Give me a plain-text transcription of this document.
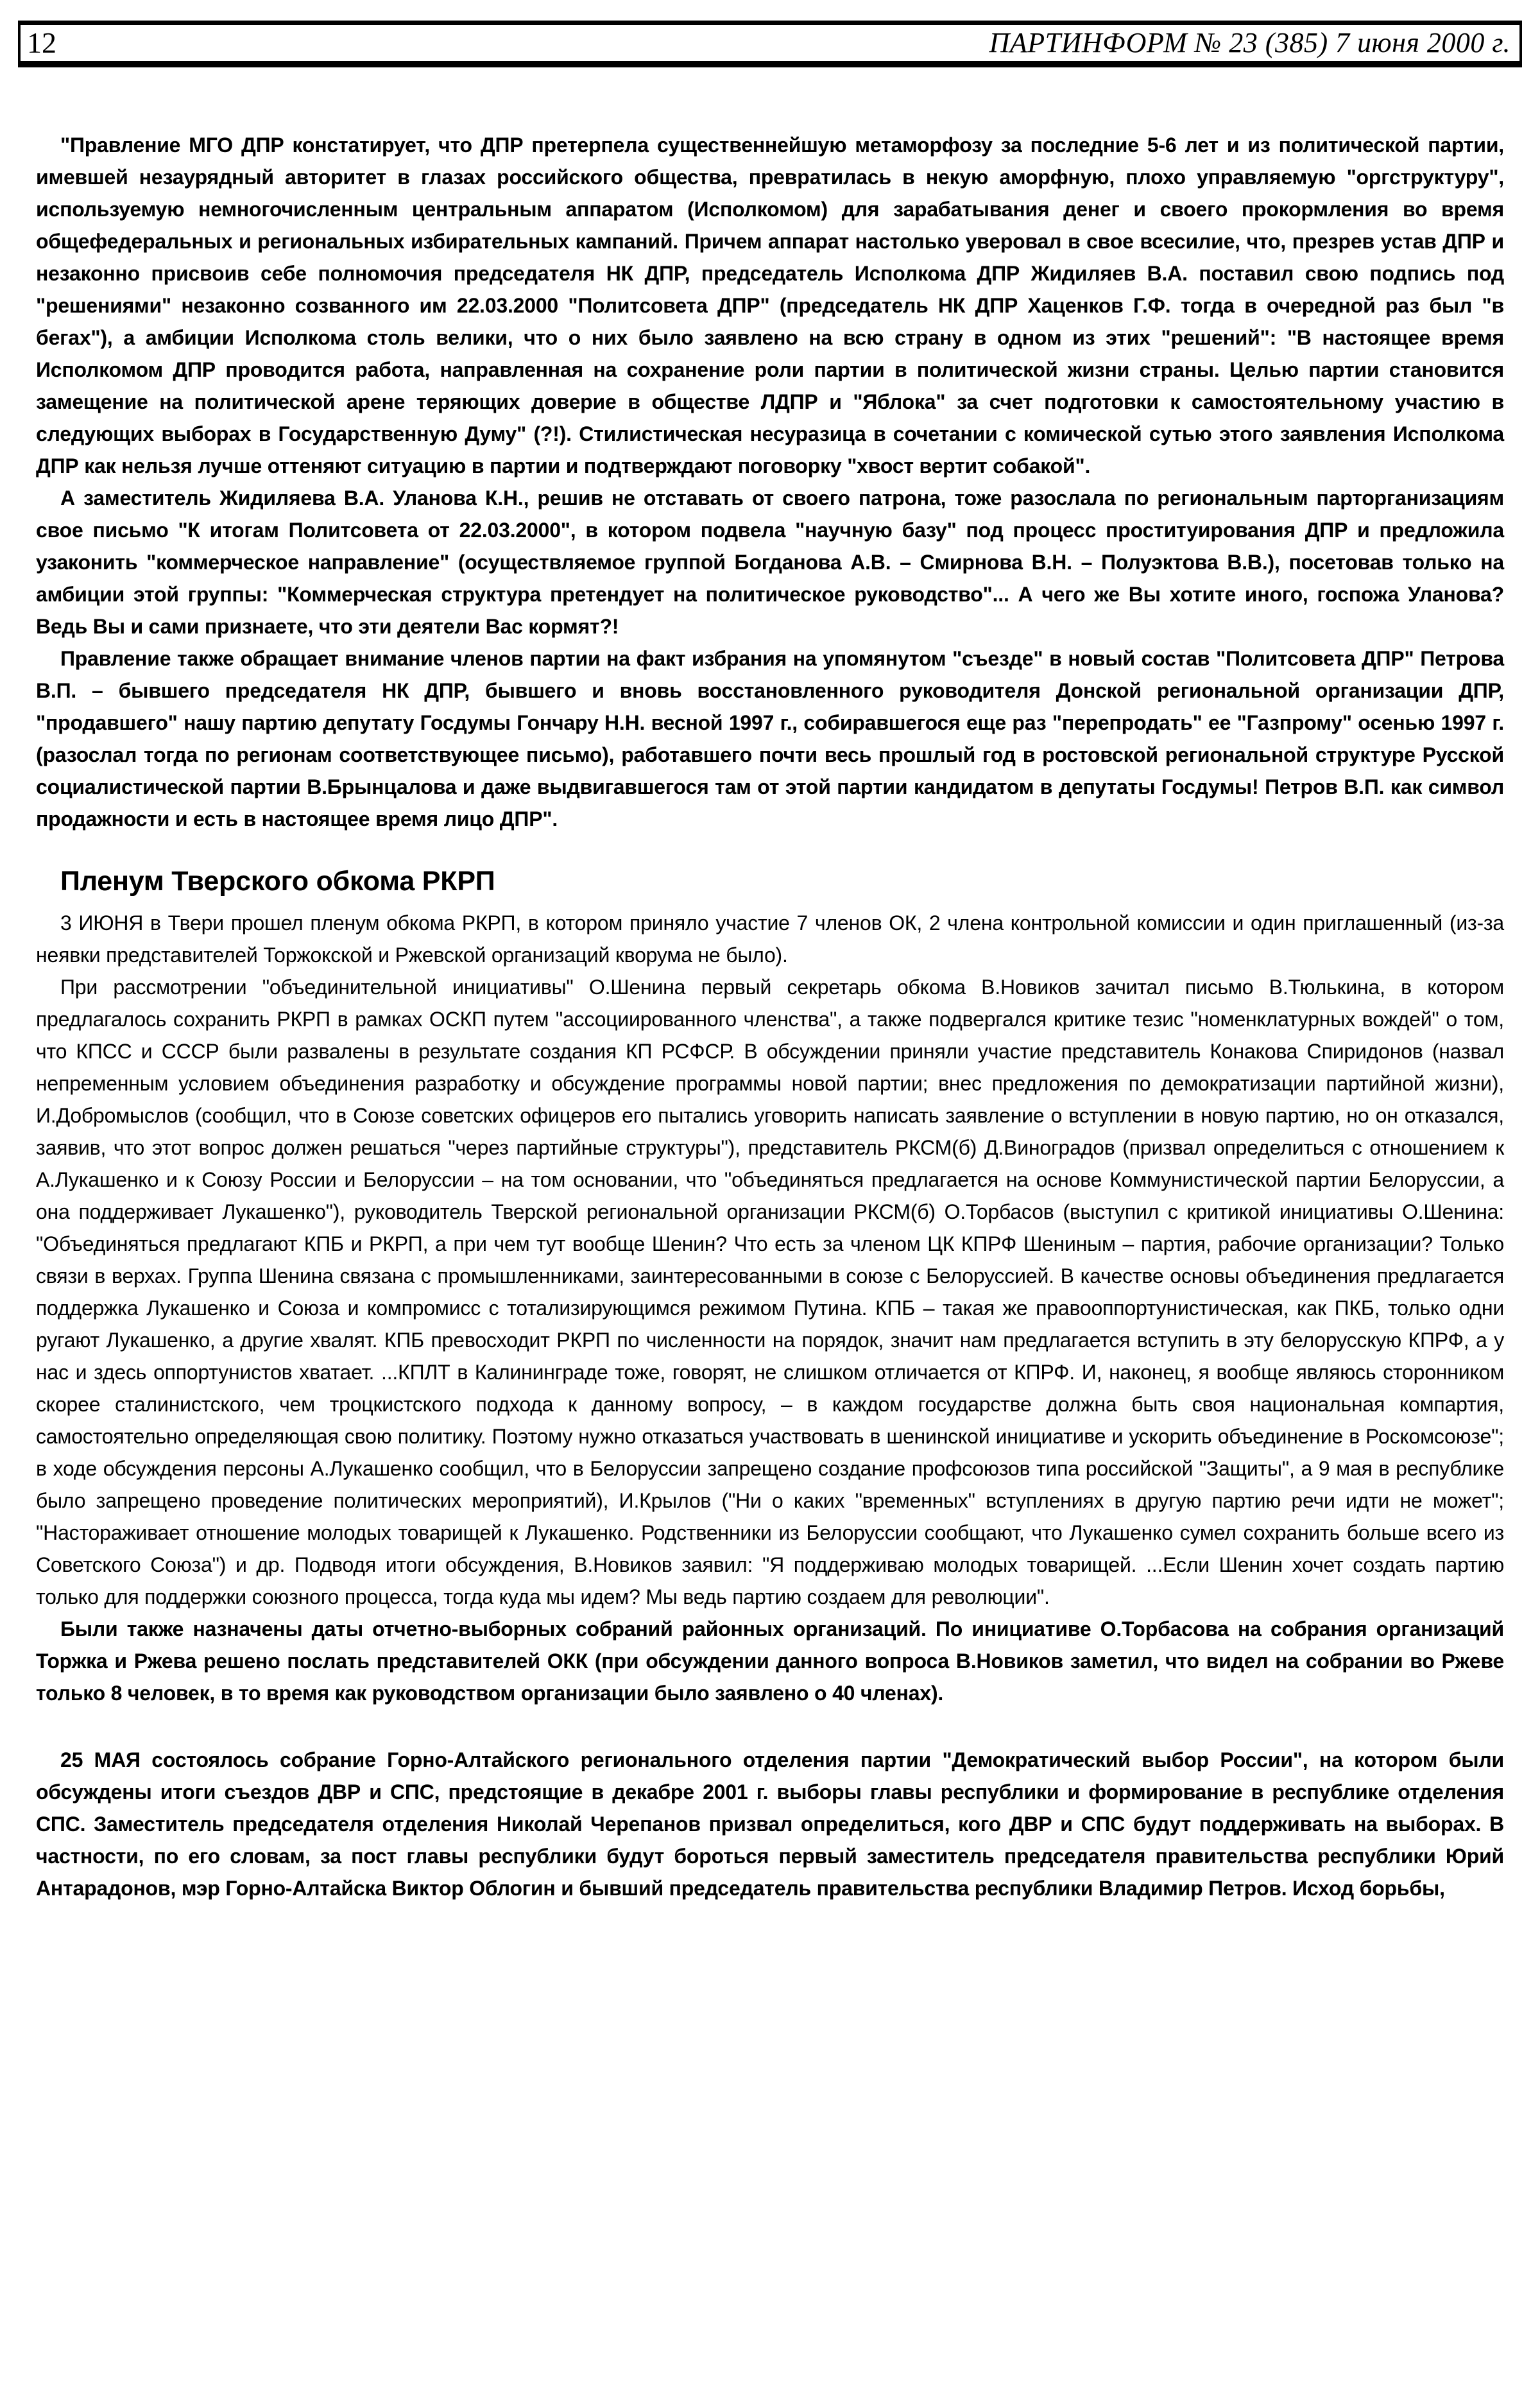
12	ПАРТИНФОРМ № 23 (385) 7 июня 2000 г.

"Правление МГО ДПР констатирует, что ДПР претерпела существеннейшую метаморфозу за последние 5-6 лет и из политической партии, имевшей незаурядный авторитет в глазах российского общества, превратилась в некую аморфную, плохо управляемую "оргструктуру", используемую немногочисленным центральным аппаратом (Исполкомом) для зарабатывания денег и своего прокормления во время общефедеральных и региональных избирательных кампаний. Причем аппарат настолько уверовал в свое всесилие, что, презрев устав ДПР и незаконно присвоив себе полномочия председателя НК ДПР, председатель Исполкома ДПР Жидиляев В.А. поставил свою подпись под "решениями" незаконно созванного им 22.03.2000 "Политсовета ДПР" (председатель НК ДПР Хаценков Г.Ф. тогда в очередной раз был "в бегах"), а амбиции Исполкома столь велики, что о них было заявлено на всю страну в одном из этих "решений": "В настоящее время Исполкомом ДПР проводится работа, направленная на сохранение роли партии в политической жизни страны. Целью партии становится замещение на политической арене теряющих доверие в обществе ЛДПР и "Яблока" за счет подготовки к самостоятельному участию в следующих выборах в Государственную Думу" (?!). Стилистическая несуразица в сочетании с комической сутью этого заявления Исполкома ДПР как нельзя лучше оттеняют ситуацию в партии и подтверждают поговорку "хвост вертит собакой".

А заместитель Жидиляева В.А. Уланова К.Н., решив не отставать от своего патрона, тоже разослала по региональным парторганизациям свое письмо "К итогам Политсовета от 22.03.2000", в котором подвела "научную базу" под процесс проституирования ДПР и предложила узаконить "коммерческое направление" (осуществляемое группой Богданова А.В. – Смирнова В.Н. – Полуэктова В.В.), посетовав только на амбиции этой группы: "Коммерческая структура претендует на политическое руководство"... А чего же Вы хотите иного, госпожа Уланова? Ведь Вы и сами признаете, что эти деятели Вас кормят?!

Правление также обращает внимание членов партии на факт избрания на упомянутом "съезде" в новый состав "Политсовета ДПР" Петрова В.П. – бывшего председателя НК ДПР, бывшего и вновь восстановленного руководителя Донской региональной организации ДПР, "продавшего" нашу партию депутату Госдумы Гончару Н.Н. весной 1997 г., собиравшегося еще раз "перепродать" ее "Газпрому" осенью 1997 г. (разослал тогда по регионам соответствующее письмо), работавшего почти весь прошлый год в ростовской региональной структуре Русской социалистической партии В.Брынцалова и даже выдвигавшегося там от этой партии кандидатом в депутаты Госдумы! Петров В.П. как символ продажности и есть в настоящее время лицо ДПР".

Пленум Тверского обкома РКРП

3 ИЮНЯ в Твери прошел пленум обкома РКРП, в котором приняло участие 7 членов ОК, 2 члена контрольной комиссии и один приглашенный (из-за неявки представителей Торжокской и Ржевской организаций кворума не было).

При рассмотрении "объединительной инициативы" О.Шенина первый секретарь обкома В.Новиков зачитал письмо В.Тюлькина, в котором предлагалось сохранить РКРП в рамках ОСКП путем "ассоциированного членства", а также подвергался критике тезис "номенклатурных вождей" о том, что КПСС и СССР были развалены в результате создания КП РСФСР. В обсуждении приняли участие представитель Конакова Спиридонов (назвал непременным условием объединения разработку и обсуждение программы новой партии; внес предложения по демократизации партийной жизни), И.Добромыслов (сообщил, что в Союзе советских офицеров его пытались уговорить написать заявление о вступлении в новую партию, но он отказался, заявив, что этот вопрос должен решаться "через партийные структуры"), представитель РКСМ(б) Д.Виноградов (призвал определиться с отношением к А.Лукашенко и к Союзу России и Белоруссии – на том основании, что "объединяться предлагается на основе Коммунистической партии Белоруссии, а она поддерживает Лукашенко"), руководитель Тверской региональной организации РКСМ(б) О.Торбасов (выступил с критикой инициативы О.Шенина: "Объединяться предлагают КПБ и РКРП, а при чем тут вообще Шенин? Что есть за членом ЦК КПРФ Шениным – партия, рабочие организации? Только связи в верхах. Группа Шенина связана с промышленниками, заинтересованными в союзе с Белоруссией. В качестве основы объединения предлагается поддержка Лукашенко и Союза и компромисс с тотализирующимся режимом Путина. КПБ – такая же правооппортунистическая, как ПКБ, только одни ругают Лукашенко, а другие хвалят. КПБ превосходит РКРП по численности на порядок, значит нам предлагается вступить в эту белорусскую КПРФ, а у нас и здесь оппортунистов хватает. ...КПЛТ в Калининграде тоже, говорят, не слишком отличается от КПРФ. И, наконец, я вообще являюсь сторонником скорее сталинистского, чем троцкистского подхода к данному вопросу, – в каждом государстве должна быть своя национальная компартия, самостоятельно определяющая свою политику. Поэтому нужно отказаться участвовать в шенинской инициативе и ускорить объединение в Роскомсоюзе"; в ходе обсуждения персоны А.Лукашенко сообщил, что в Белоруссии запрещено создание профсоюзов типа российской "Защиты", а 9 мая в республике было запрещено проведение политических мероприятий), И.Крылов ("Ни о каких "временных" вступлениях в другую партию речи идти не может"; "Настораживает отношение молодых товарищей к Лукашенко. Родственники из Белоруссии сообщают, что Лукашенко сумел сохранить больше всего из Советского Союза") и др. Подводя итоги обсуждения, В.Новиков заявил: "Я поддерживаю молодых товарищей. ...Если Шенин хочет создать партию только для поддержки союзного процесса, тогда куда мы идем? Мы ведь партию создаем для революции".

Были также назначены даты отчетно-выборных собраний районных организаций. По инициативе О.Торбасова на собрания организаций Торжка и Ржева решено послать представителей ОКК (при обсуждении данного вопроса В.Новиков заметил, что видел на собрании во Ржеве только 8 человек, в то время как руководством организации было заявлено о 40 членах).

25 МАЯ состоялось собрание Горно-Алтайского регионального отделения партии "Демократический выбор России", на котором были обсуждены итоги съездов ДВР и СПС, предстоящие в декабре 2001 г. выборы главы республики и формирование в республике отделения СПС. Заместитель председателя отделения Николай Черепанов призвал определиться, кого ДВР и СПС будут поддерживать на выборах. В частности, по его словам, за пост главы республики будут бороться первый заместитель председателя правительства республики Юрий Антарадонов, мэр Горно-Алтайска Виктор Облогин и бывший председатель правительства республики Владимир Петров. Исход борьбы,
